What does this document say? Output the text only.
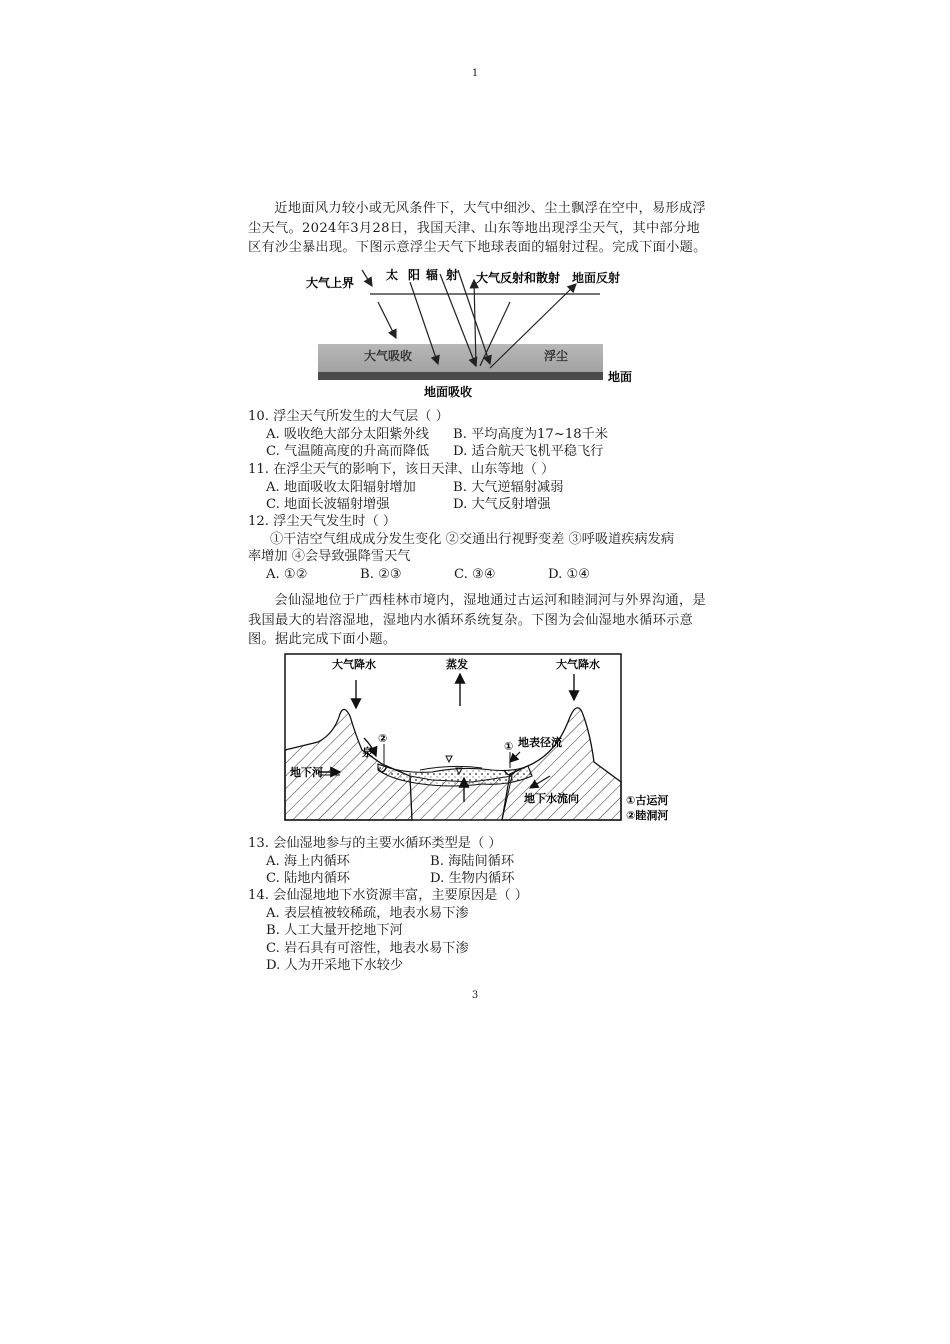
1
近地面风力较小或无风条件下，大气中细沙、尘土飘浮在空中，易形成浮尘天气。2024年3月28日，我国天津、山东等地出现浮尘天气，其中部分地区有沙尘暴出现。下图示意浮尘天气下地球表面的辐射过程。完成下面小题。
大气上界
太 阳 辐 射 大气反射和散射 地面反射
大气吸收	浮尘
地面
地面吸收
10. 浮尘天气所发生的大气层（ ）
A. 吸收绝大部分太阳紫外线 B. 平均高度为17~18千米
C. 气温随高度的升高而降低 D. 适合航天飞机平稳飞行
11. 在浮尘天气的影响下，该日天津、山东等地（ ）
A. 地面吸收太阳辐射增加	B. 大气逆辐射减弱
C. 地面长波辐射增强	D. 大气反射增强
12. 浮尘天气发生时（ ）
①干洁空气组成成分发生变化 ②交通出行视野变差 ③呼吸道疾病发病
率增加 ④会导致强降雪天气
A. ①②	B. ②③	C. ③④	D. ①④
会仙湿地位于广西桂林市境内，湿地通过古运河和睦洞河与外界沟通，是我国最大的岩溶湿地，湿地内水循环系统复杂。下图为会仙湿地水循环示意图。据此完成下面小题。
大气降水	蒸发	大气降水
泉
②
① 地表径流
地下河
地下水流向	①古运河
②睦洞河
13. 会仙湿地参与的主要水循环类型是（ ）
A. 海上内循环	B. 海陆间循环
C. 陆地内循环	D. 生物内循环
14. 会仙湿地地下水资源丰富，主要原因是（ ）
A. 表层植被较稀疏，地表水易下渗
B. 人工大量开挖地下河
C. 岩石具有可溶性，地表水易下渗
D. 人为开采地下水较少
3
